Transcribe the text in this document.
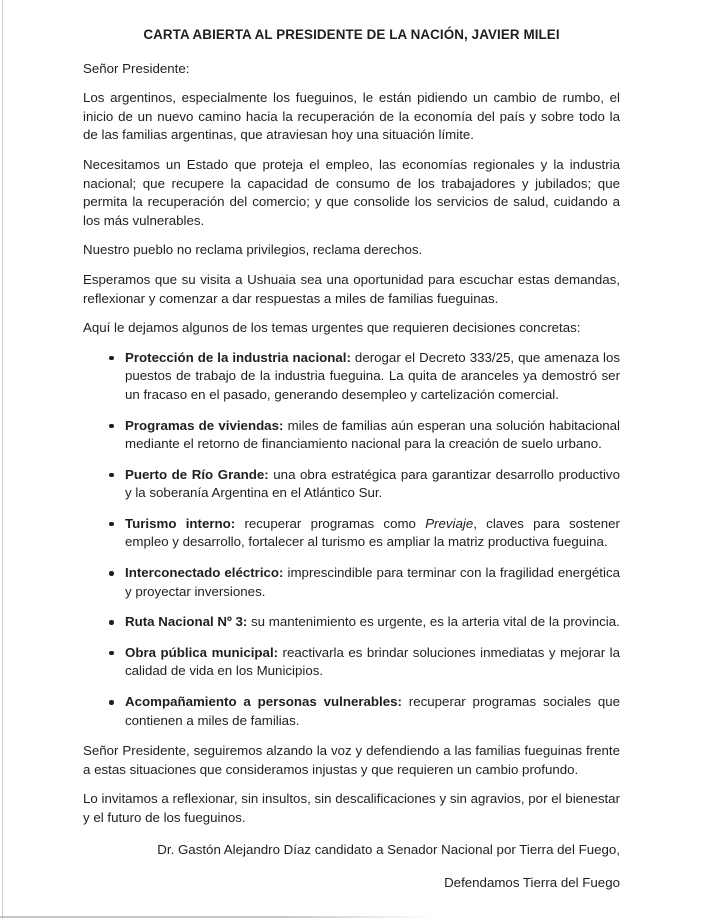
CARTA ABIERTA AL PRESIDENTE DE LA NACIÓN, JAVIER MILEI

Señor Presidente:

Los argentinos, especialmente los fueguinos, le están pidiendo un cambio de rumbo, el inicio de un nuevo camino hacia la recuperación de la economía del país y sobre todo la de las familias argentinas, que atraviesan hoy una situación límite.

Necesitamos un Estado que proteja el empleo, las economías regionales y la industria nacional; que recupere la capacidad de consumo de los trabajadores y jubilados; que permita la recuperación del comercio; y que consolide los servicios de salud, cuidando a los más vulnerables.

Nuestro pueblo no reclama privilegios, reclama derechos.

Esperamos que su visita a Ushuaia sea una oportunidad para escuchar estas demandas, reflexionar y comenzar a dar respuestas a miles de familias fueguinas.

Aquí le dejamos algunos de los temas urgentes que requieren decisiones concretas:

Protección de la industria nacional: derogar el Decreto 333/25, que amenaza los puestos de trabajo de la industria fueguina. La quita de aranceles ya demostró ser un fracaso en el pasado, generando desempleo y cartelización comercial.
Programas de viviendas: miles de familias aún esperan una solución habitacional mediante el retorno de financiamiento nacional para la creación de suelo urbano.
Puerto de Río Grande: una obra estratégica para garantizar desarrollo productivo y la soberanía Argentina en el Atlántico Sur.
Turismo interno: recuperar programas como Previaje, claves para sostener empleo y desarrollo, fortalecer al turismo es ampliar la matriz productiva fueguina.
Interconectado eléctrico: imprescindible para terminar con la fragilidad energética y proyectar inversiones.
Ruta Nacional Nº 3: su mantenimiento es urgente, es la arteria vital de la provincia.
Obra pública municipal: reactivarla es brindar soluciones inmediatas y mejorar la calidad de vida en los Municipios.
Acompañamiento a personas vulnerables: recuperar programas sociales que contienen a miles de familias.

Señor Presidente, seguiremos alzando la voz y defendiendo a las familias fueguinas frente a estas situaciones que consideramos injustas y que requieren un cambio profundo.

Lo invitamos a reflexionar, sin insultos, sin descalificaciones y sin agravios, por el bienestar y el futuro de los fueguinos.

Dr. Gastón Alejandro Díaz candidato a Senador Nacional por Tierra del Fuego,

Defendamos Tierra del Fuego
